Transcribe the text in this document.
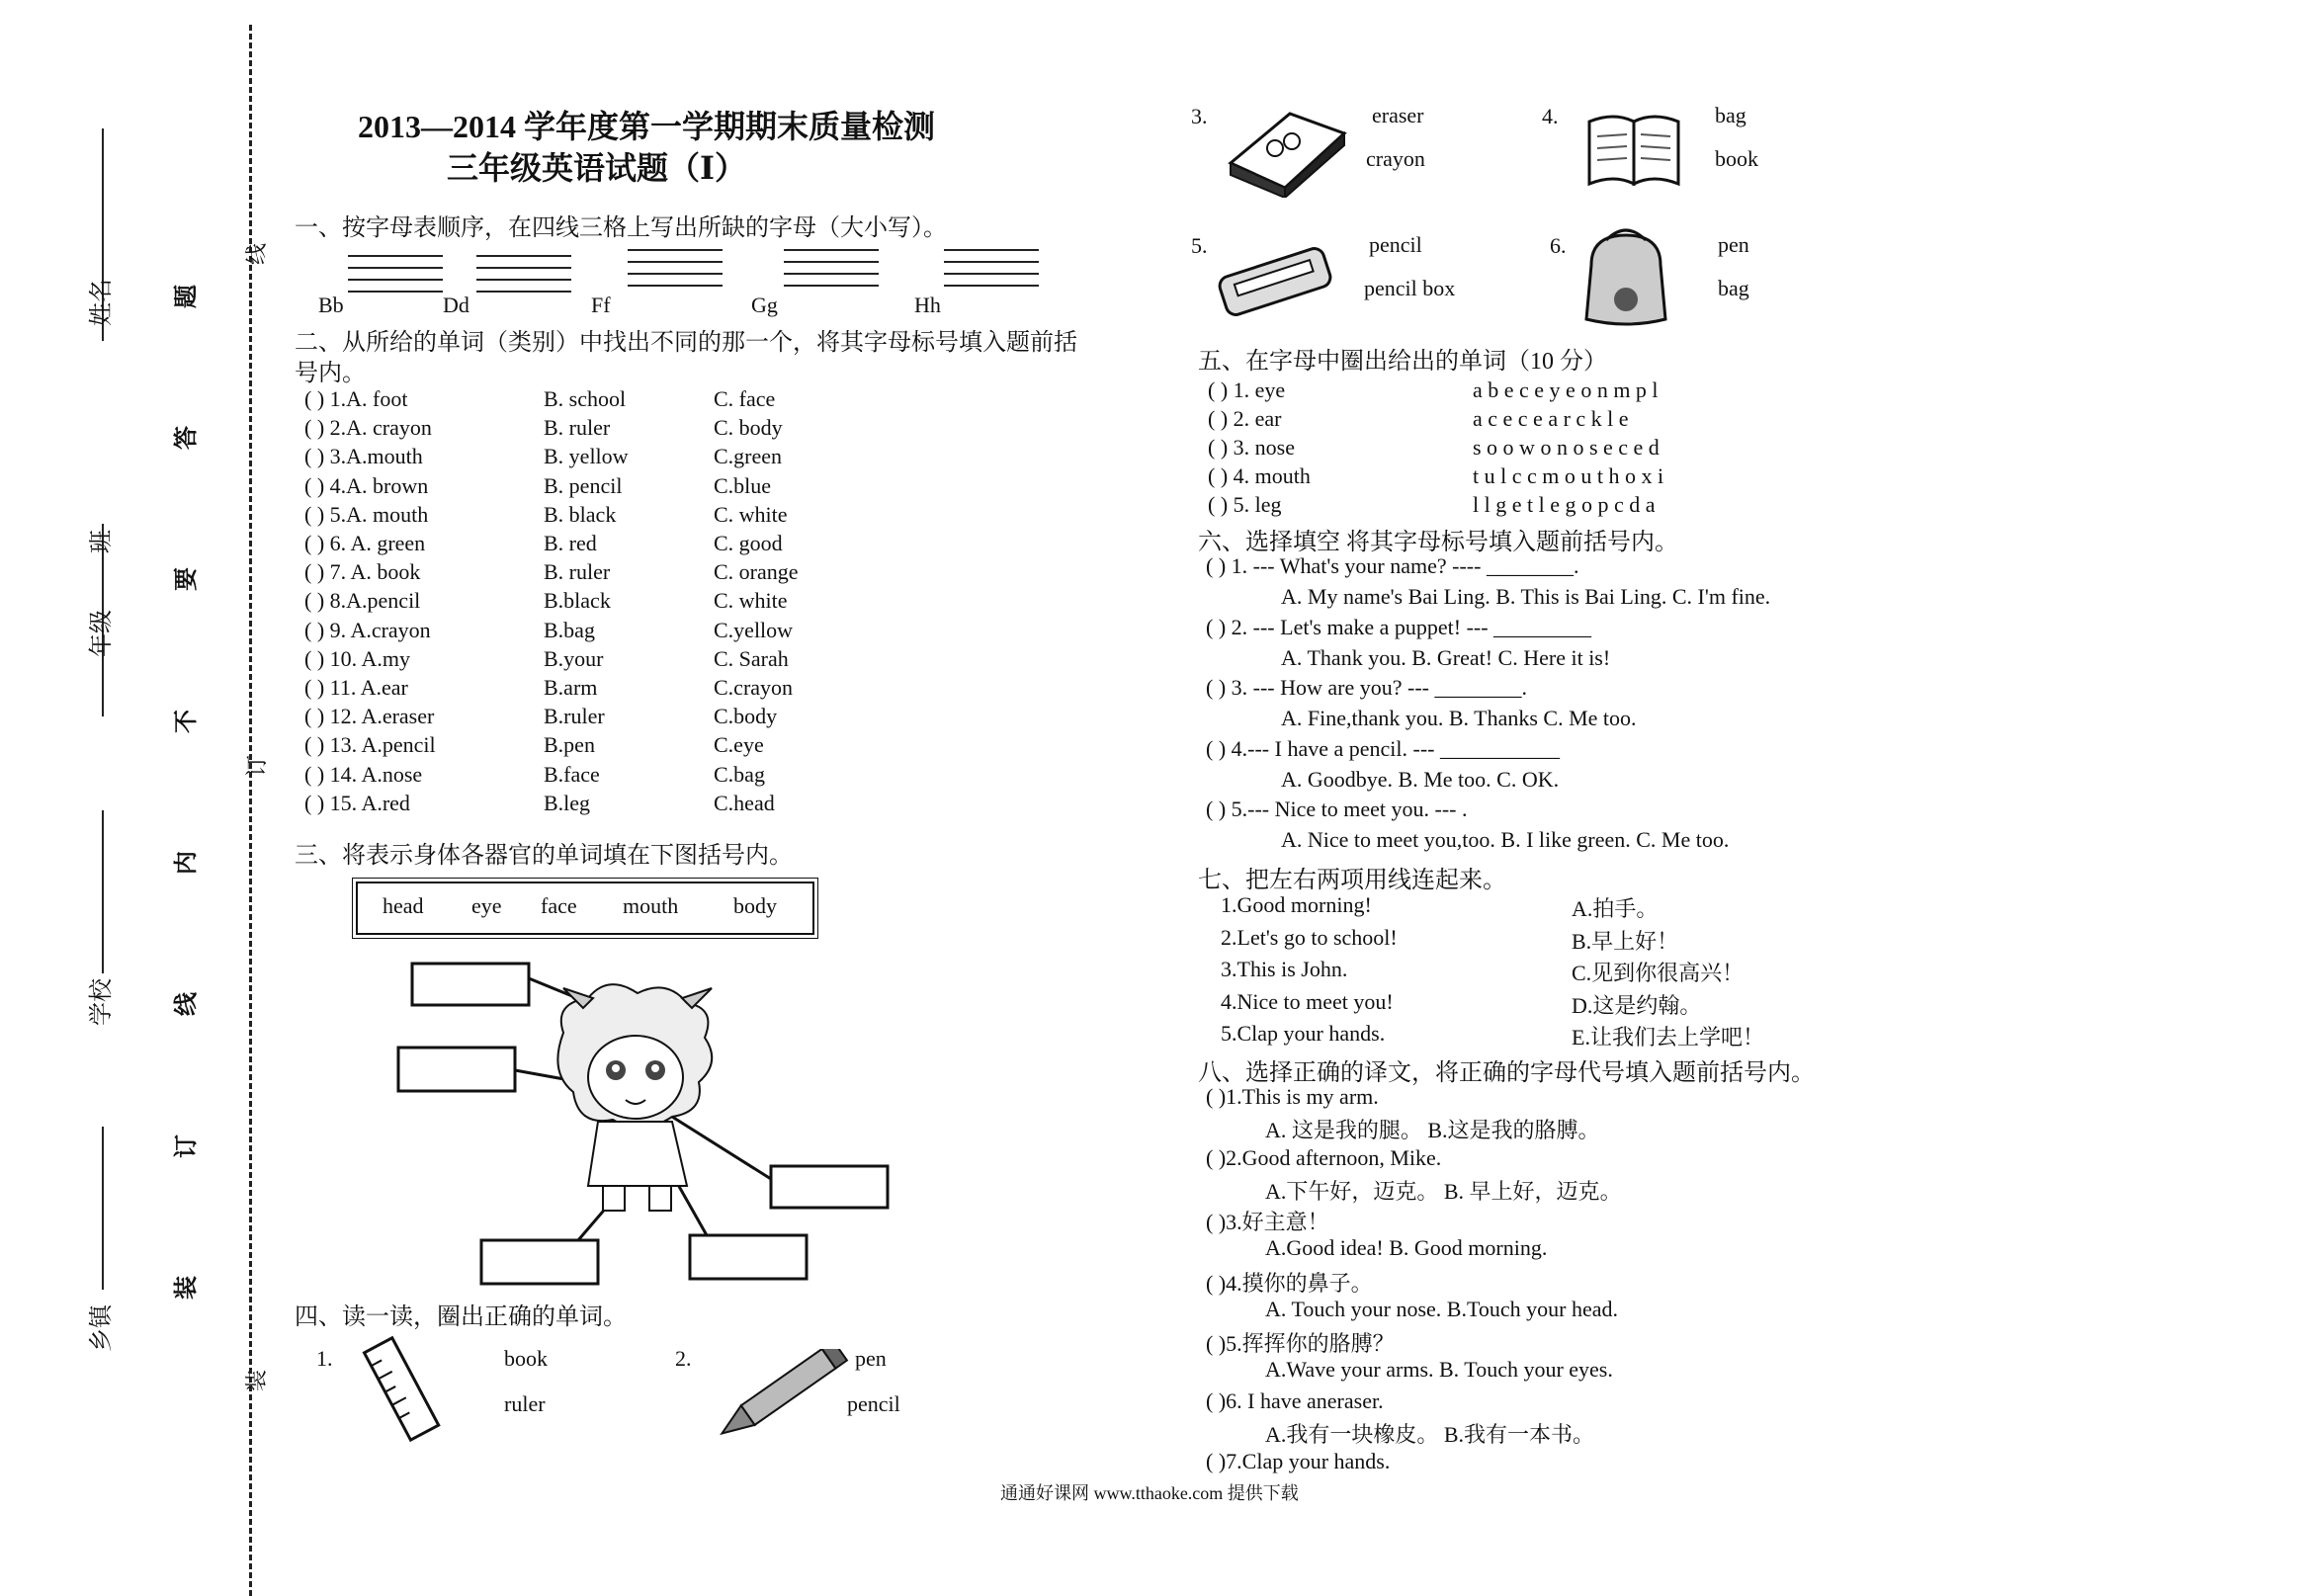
姓名
班
年级
学校
乡镇
题
答
要
不
内
线
订
装
线
订
装
2013—2014 学年度第一学期期末质量检测
三年级英语试题（Ⅰ）
一、按字母表顺序，在四线三格上写出所缺的字母（大小写）。
Bb	Dd	Ff	Gg	Hh
二、从所给的单词（类别）中找出不同的那一个，将其字母标号填入题前括
号内。
( ) 1.A. foot	B. school	C. face
( ) 2.A. crayon	B. ruler	C. body
( ) 3.A.mouth	B. yellow	C.green
( ) 4.A. brown	B. pencil	C.blue
( ) 5.A. mouth	B. black	C. white
( ) 6. A. green	B. red	C. good
( ) 7. A. book	B. ruler	C. orange
( ) 8.A.pencil	B.black	C. white
( ) 9. A.crayon	B.bag	C.yellow
( ) 10. A.my	B.your	C. Sarah
( ) 11. A.ear	B.arm	C.crayon
( ) 12. A.eraser	B.ruler	C.body
( ) 13. A.pencil	B.pen	C.eye
( ) 14. A.nose	B.face	C.bag
( ) 15. A.red	B.leg	C.head
三、将表示身体各器官的单词填在下图括号内。
head eye face mouth	body
四、读一读，圈出正确的单词。
1.	book
ruler
2.	pen
pencil
3.	eraser
crayon
4.	bag
book
5.	pencil
pencil box
6.	pen
bag
五、在字母中圈出给出的单词（10 分）
( ) 1. eye	a b e c e y e o n m p l
( ) 2. ear	a c e c e a r c k l e
( ) 3. nose	s o o w o n o s e c e d
( ) 4. mouth	t u l c c m o u t h o x i
( ) 5. leg	l l g e t l e g o p c d a
六、选择填空 将其字母标号填入题前括号内。
( ) 1. --- What's your name? ---- ________.
A. My name's Bai Ling. B. This is Bai Ling. C. I'm fine.
( ) 2. --- Let's make a puppet! --- _________
A. Thank you. B. Great! C. Here it is!
( ) 3. --- How are you? --- ________.
A. Fine,thank you. B. Thanks C. Me too.
( ) 4.--- I have a pencil. --- ___________
A. Goodbye. B. Me too. C. OK.
( ) 5.--- Nice to meet you. --- .
A. Nice to meet you,too. B. I like green. C. Me too.
七、把左右两项用线连起来。
1.Good morning!	A.拍手。
2.Let's go to school!	B.早上好！
3.This is John.	C.见到你很高兴！
4.Nice to meet you!	D.这是约翰。
5.Clap your hands.	E.让我们去上学吧！
八、选择正确的译文，将正确的字母代号填入题前括号内。
( )1.This is my arm.
A. 这是我的腿。 B.这是我的胳膊。
( )2.Good afternoon, Mike.
A.下午好，迈克。 B. 早上好，迈克。
( )3.好主意！
A.Good idea! B. Good morning.
( )4.摸你的鼻子。
A. Touch your nose. B.Touch your head.
( )5.挥挥你的胳膊？
A.Wave your arms. B. Touch your eyes.
( )6. I have aneraser.
A.我有一块橡皮。 B.我有一本书。
( )7.Clap your hands.
通通好课网 www.tthaoke.com 提供下载
